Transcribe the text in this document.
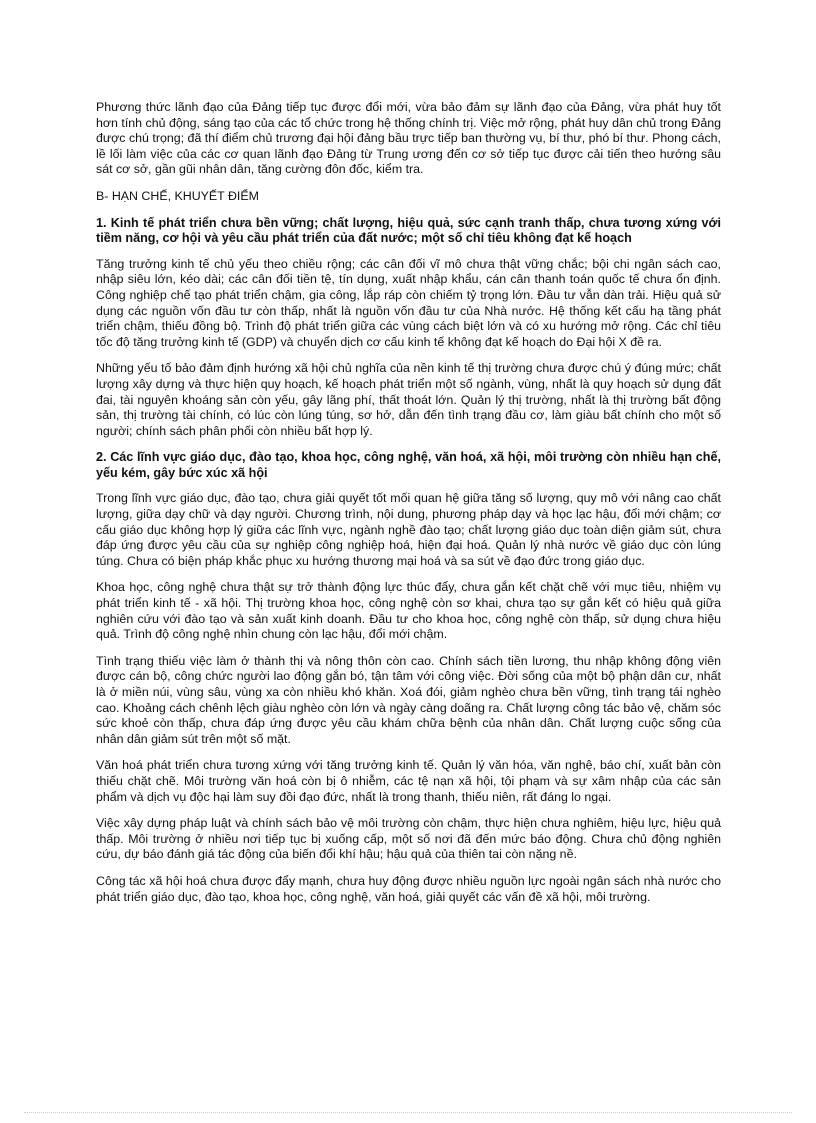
Phương thức lãnh đạo của Đảng tiếp tục được đổi mới, vừa bảo đảm sự lãnh đạo của Đảng, vừa phát huy tốt hơn tính chủ động, sáng tạo của các tổ chức trong hệ thống chính trị. Việc mở rộng, phát huy dân chủ trong Đảng được chú trọng; đã thí điểm chủ trương đại hội đảng bầu trực tiếp ban thường vụ, bí thư, phó bí thư. Phong cách, lề lối làm việc của các cơ quan lãnh đạo Đảng từ Trung ương đến cơ sở tiếp tục được cải tiến theo hướng sâu sát cơ sở, gần gũi nhân dân, tăng cường đôn đốc, kiểm tra.

B- HẠN CHẾ, KHUYẾT ĐIỂM

1. Kinh tế phát triển chưa bền vững; chất lượng, hiệu quả, sức cạnh tranh thấp, chưa tương xứng với tiềm năng, cơ hội và yêu cầu phát triển của đất nước; một số chỉ tiêu không đạt kế hoạch

Tăng trưởng kinh tế chủ yếu theo chiều rộng; các cân đối vĩ mô chưa thật vững chắc; bội chi ngân sách cao, nhập siêu lớn, kéo dài; các cân đối tiền tệ, tín dụng, xuất nhập khẩu, cán cân thanh toán quốc tế chưa ổn định. Công nghiệp chế tạo phát triển chậm, gia công, lắp ráp còn chiếm tỷ trọng lớn. Đầu tư vẫn dàn trải. Hiệu quả sử dụng các nguồn vốn đầu tư còn thấp, nhất là nguồn vốn đầu tư của Nhà nước. Hệ thống kết cấu hạ tầng phát triển chậm, thiếu đồng bộ. Trình độ phát triển giữa các vùng cách biệt lớn và có xu hướng mở rộng. Các chỉ tiêu tốc độ tăng trưởng kinh tế (GDP) và chuyển dịch cơ cấu kinh tế không đạt kế hoạch do Đại hội X đề ra.

Những yếu tố bảo đảm định hướng xã hội chủ nghĩa của nền kinh tế thị trường chưa được chú ý đúng mức; chất lượng xây dựng và thực hiện quy hoạch, kế hoạch phát triển một số ngành, vùng, nhất là quy hoạch sử dụng đất đai, tài nguyên khoáng sản còn yếu, gây lãng phí, thất thoát lớn. Quản lý thị trường, nhất là thị trường bất động sản, thị trường tài chính, có lúc còn lúng túng, sơ hở, dẫn đến tình trạng đầu cơ, làm giàu bất chính cho một số người; chính sách phân phối còn nhiều bất hợp lý.

2. Các lĩnh vực giáo dục, đào tạo, khoa học, công nghệ, văn hoá, xã hội, môi trường còn nhiều hạn chế, yếu kém, gây bức xúc xã hội

Trong lĩnh vực giáo dục, đào tạo, chưa giải quyết tốt mối quan hệ giữa tăng số lượng, quy mô với nâng cao chất lượng, giữa dạy chữ và dạy người. Chương trình, nội dung, phương pháp dạy và học lạc hậu, đổi mới chậm; cơ cấu giáo dục không hợp lý giữa các lĩnh vực, ngành nghề đào tạo; chất lượng giáo dục toàn diện giảm sút, chưa đáp ứng được yêu cầu của sự nghiệp công nghiệp hoá, hiện đại hoá. Quản lý nhà nước về giáo dục còn lúng túng. Chưa có biện pháp khắc phục xu hướng thương mại hoá và sa sút về đạo đức trong giáo dục.

Khoa học, công nghệ chưa thật sự trở thành động lực thúc đẩy, chưa gắn kết chặt chẽ với mục tiêu, nhiệm vụ phát triển kinh tế - xã hội. Thị trường khoa học, công nghệ còn sơ khai, chưa tạo sự gắn kết có hiệu quả giữa nghiên cứu với đào tạo và sản xuất kinh doanh. Đầu tư cho khoa học, công nghệ còn thấp, sử dụng chưa hiệu quả. Trình độ công nghệ nhìn chung còn lạc hậu, đổi mới chậm.

Tình trạng thiếu việc làm ở thành thị và nông thôn còn cao. Chính sách tiền lương, thu nhập không động viên được cán bộ, công chức người lao động gắn bó, tận tâm với công việc. Đời sống của một bộ phận dân cư, nhất là ở miền núi, vùng sâu, vùng xa còn nhiều khó khăn. Xoá đói, giảm nghèo chưa bền vững, tình trạng tái nghèo cao. Khoảng cách chênh lệch giàu nghèo còn lớn và ngày càng doãng ra. Chất lượng công tác bảo vệ, chăm sóc sức khoẻ còn thấp, chưa đáp ứng được yêu cầu khám chữa bệnh của nhân dân. Chất lượng cuộc sống của nhân dân giảm sút trên một số mặt.

Văn hoá phát triển chưa tương xứng với tăng trưởng kinh tế. Quản lý văn hóa, văn nghệ, báo chí, xuất bản còn thiếu chặt chẽ. Môi trường văn hoá còn bị ô nhiễm, các tệ nạn xã hội, tội phạm và sự xâm nhập của các sản phẩm và dịch vụ độc hại làm suy đồi đạo đức, nhất là trong thanh, thiếu niên, rất đáng lo ngại.

Việc xây dựng pháp luật và chính sách bảo vệ môi trường còn chậm, thực hiện chưa nghiêm, hiệu lực, hiệu quả thấp. Môi trường ở nhiều nơi tiếp tục bị xuống cấp, một số nơi đã đến mức báo động. Chưa chủ động nghiên cứu, dự báo đánh giá tác động của biến đổi khí hậu; hậu quả của thiên tai còn nặng nề.

Công tác xã hội hoá chưa được đẩy mạnh, chưa huy động được nhiều nguồn lực ngoài ngân sách nhà nước cho phát triển giáo dục, đào tạo, khoa học, công nghệ, văn hoá, giải quyết các vấn đề xã hội, môi trường.
